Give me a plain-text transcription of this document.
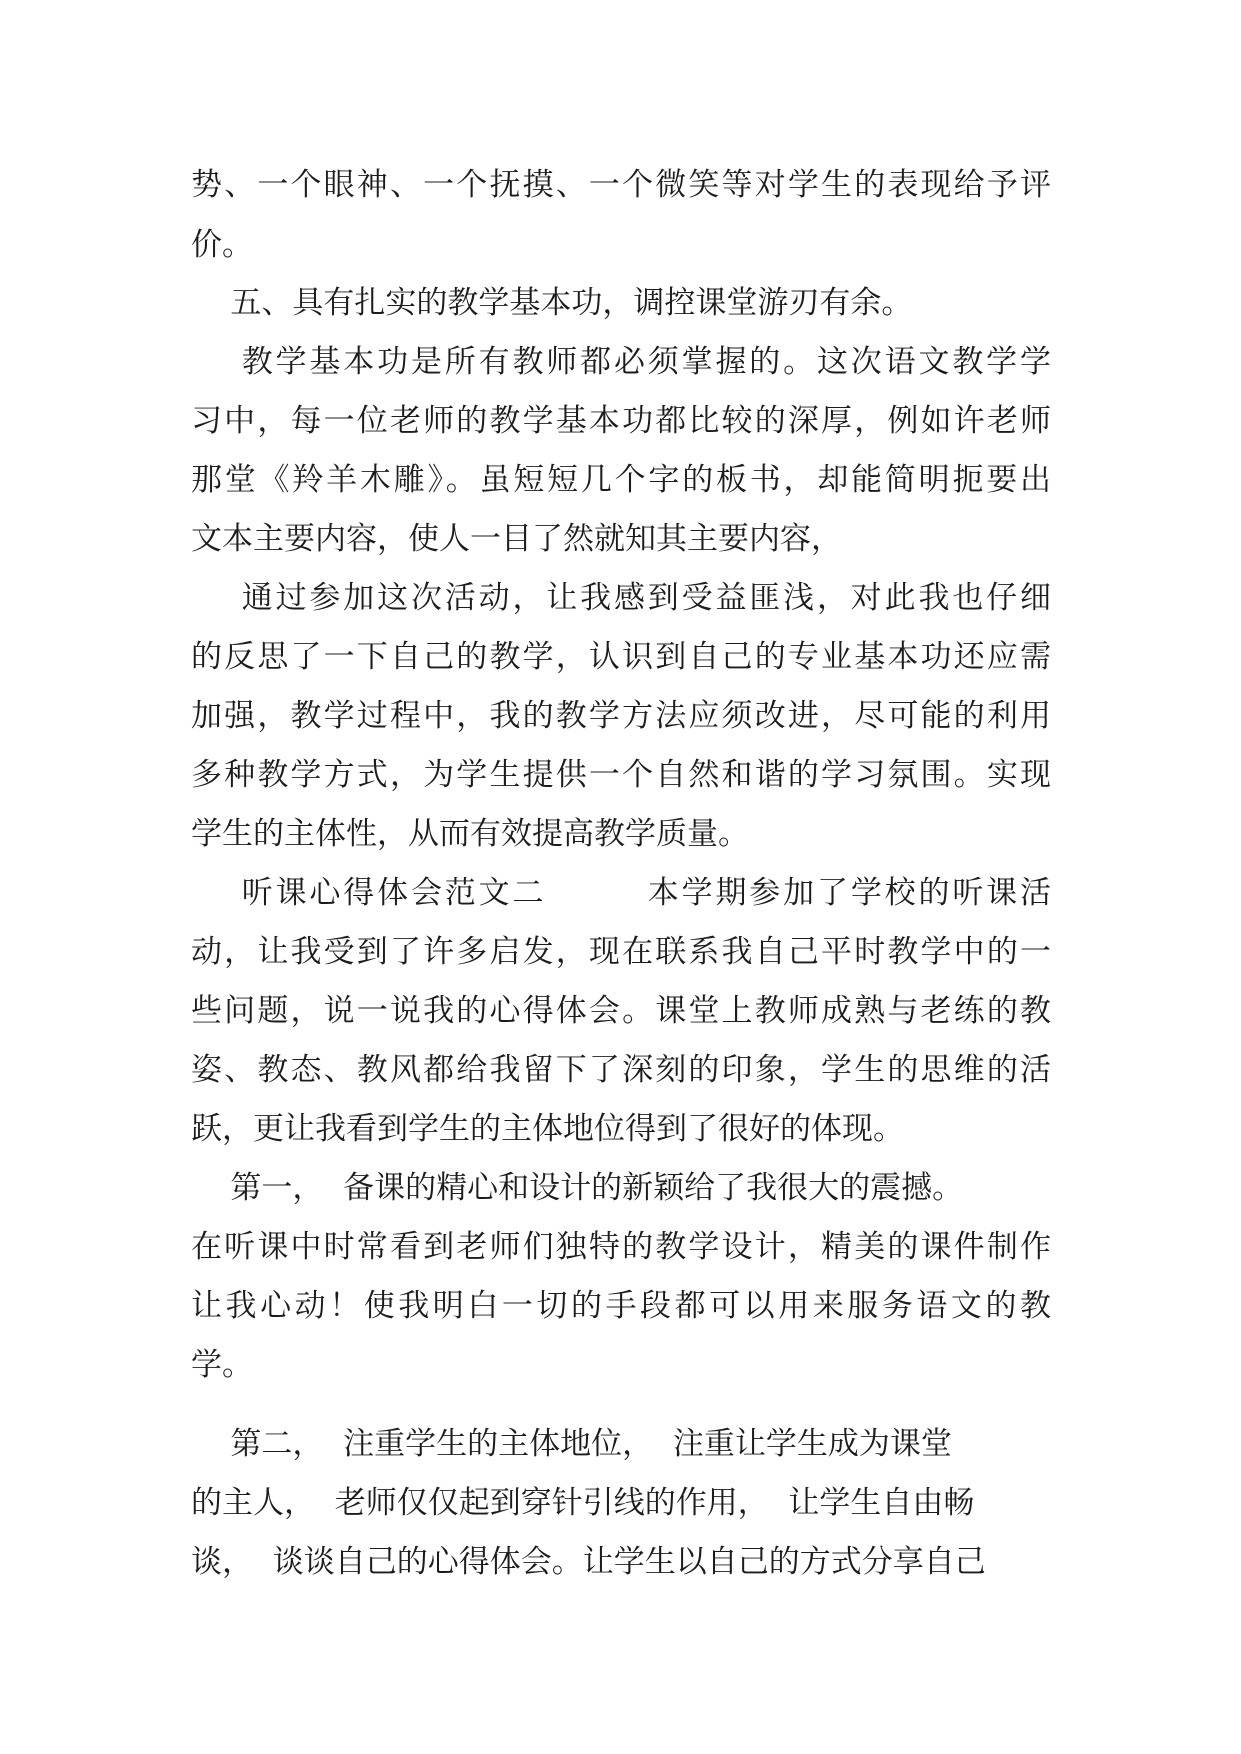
势、一个眼神、一个抚摸、一个微笑等对学生的表现给予评

价。

五、具有扎实的教学基本功，调控课堂游刃有余。

教学基本功是所有教师都必须掌握的。这次语文教学学

习中，每一位老师的教学基本功都比较的深厚，例如许老师

那堂《羚羊木雕》。虽短短几个字的板书，却能简明扼要出

文本主要内容，使人一目了然就知其主要内容，

通过参加这次活动，让我感到受益匪浅，对此我也仔细

的反思了一下自己的教学，认识到自己的专业基本功还应需

加强，教学过程中，我的教学方法应须改进，尽可能的利用

多种教学方式，为学生提供一个自然和谐的学习氛围。实现

学生的主体性，从而有效提高教学质量。

听课心得体会范文二        本学期参加了学校的听课活

动，让我受到了许多启发，现在联系我自己平时教学中的一

些问题，说一说我的心得体会。课堂上教师成熟与老练的教

姿、教态、教风都给我留下了深刻的印象，学生的思维的活

跃，更让我看到学生的主体地位得到了很好的体现。

第一，  备课的精心和设计的新颖给了我很大的震撼。

在听课中时常看到老师们独特的教学设计，精美的课件制作

让我心动！使我明白一切的手段都可以用来服务语文的教

学。

第二，  注重学生的主体地位，  注重让学生成为课堂

的主人，  老师仅仅起到穿针引线的作用，  让学生自由畅

谈，  谈谈自己的心得体会。让学生以自己的方式分享自己
